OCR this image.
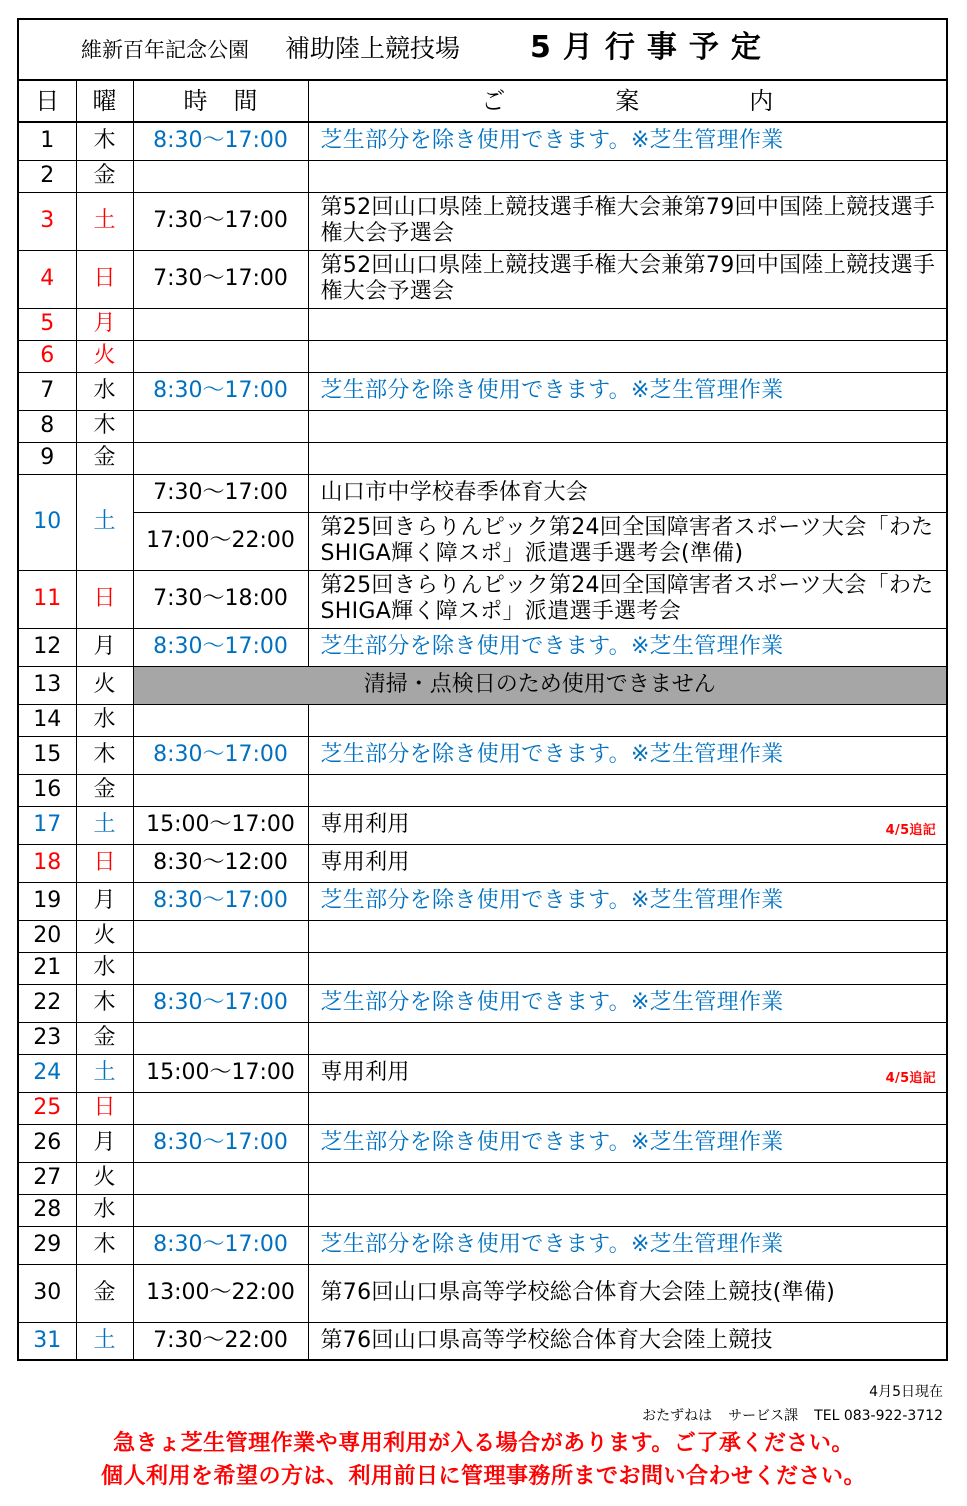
維新百年記念公園 補助陸上競技場 5月行事予定			
日	曜	時間	ご案内
1	木	8:30～17:00	芝生部分を除き使用できます。※芝生管理作業
2	金		
3	土	7:30～17:00	第52回山口県陸上競技選手権大会兼第79回中国陸上競技選手権大会予選会
4	日	7:30～17:00	第52回山口県陸上競技選手権大会兼第79回中国陸上競技選手権大会予選会
5	月		
6	火		
7	水	8:30～17:00	芝生部分を除き使用できます。※芝生管理作業
8	木		
9	金		
10	土	7:30～17:00	山口市中学校春季体育大会
		17:00～22:00	第25回きらりんピック第24回全国障害者スポーツ大会「わたSHIGA輝く障スポ」派遣選手選考会(準備)
11	日	7:30～18:00	第25回きらりんピック第24回全国障害者スポーツ大会「わたSHIGA輝く障スポ」派遣選手選考会
12	月	8:30～17:00	芝生部分を除き使用できます。※芝生管理作業
13	火	清掃・点検日のため使用できません	
14	水		
15	木	8:30～17:00	芝生部分を除き使用できます。※芝生管理作業
16	金		
17	土	15:00～17:00	専用利用 4/5追記

18	日	8:30～12:00	専用利用
19	月	8:30～17:00	芝生部分を除き使用できます。※芝生管理作業
20	火		
21	水		
22	木	8:30～17:00	芝生部分を除き使用できます。※芝生管理作業
23	金		
24	土	15:00～17:00	専用利用 4/5追記

25	日		
26	月	8:30～17:00	芝生部分を除き使用できます。※芝生管理作業
27	火		
28	水		
29	木	8:30～17:00	芝生部分を除き使用できます。※芝生管理作業
30	金	13:00～22:00	第76回山口県高等学校総合体育大会陸上競技(準備)
31	土	7:30～22:00	第76回山口県高等学校総合体育大会陸上競技
4月5日現在
おたずねは サービス課 TEL 083-922-3712
急きょ芝生管理作業や専用利用が入る場合があります。ご了承ください。
個人利用を希望の方は、利用前日に管理事務所までお問い合わせください。
